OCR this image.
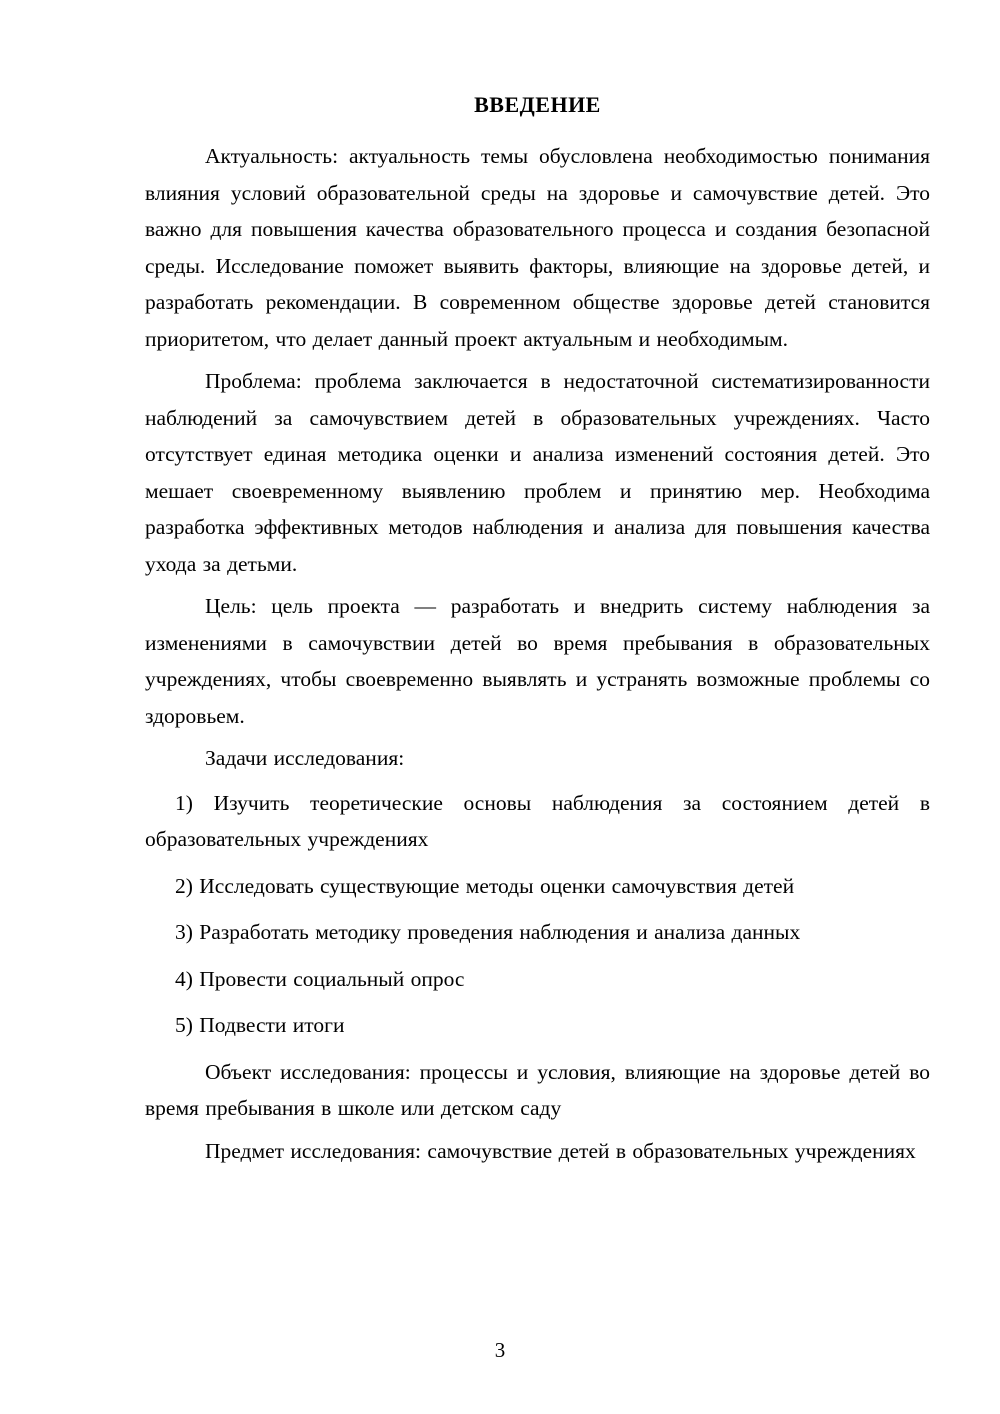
ВВЕДЕНИЕ

Актуальность: актуальность темы обусловлена необходимостью понимания влияния условий образовательной среды на здоровье и самочувствие детей. Это важно для повышения качества образовательного процесса и создания безопасной среды. Исследование поможет выявить факторы, влияющие на здоровье детей, и разработать рекомендации. В современном обществе здоровье детей становится приоритетом, что делает данный проект актуальным и необходимым.

Проблема: проблема заключается в недостаточной систематизированности наблюдений за самочувствием детей в образовательных учреждениях. Часто отсутствует единая методика оценки и анализа изменений состояния детей. Это мешает своевременному выявлению проблем и принятию мер. Необходима разработка эффективных методов наблюдения и анализа для повышения качества ухода за детьми.

Цель: цель проекта — разработать и внедрить систему наблюдения за изменениями в самочувствии детей во время пребывания в образовательных учреждениях, чтобы своевременно выявлять и устранять возможные проблемы со здоровьем.

Задачи исследования:

1) Изучить теоретические основы наблюдения за состоянием детей в образовательных учреждениях

2) Исследовать существующие методы оценки самочувствия детей

3) Разработать методику проведения наблюдения и анализа данных

4) Провести социальный опрос

5) Подвести итоги

Объект исследования: процессы и условия, влияющие на здоровье детей во время пребывания в школе или детском саду

Предмет исследования: самочувствие детей в образовательных учреждениях

3
